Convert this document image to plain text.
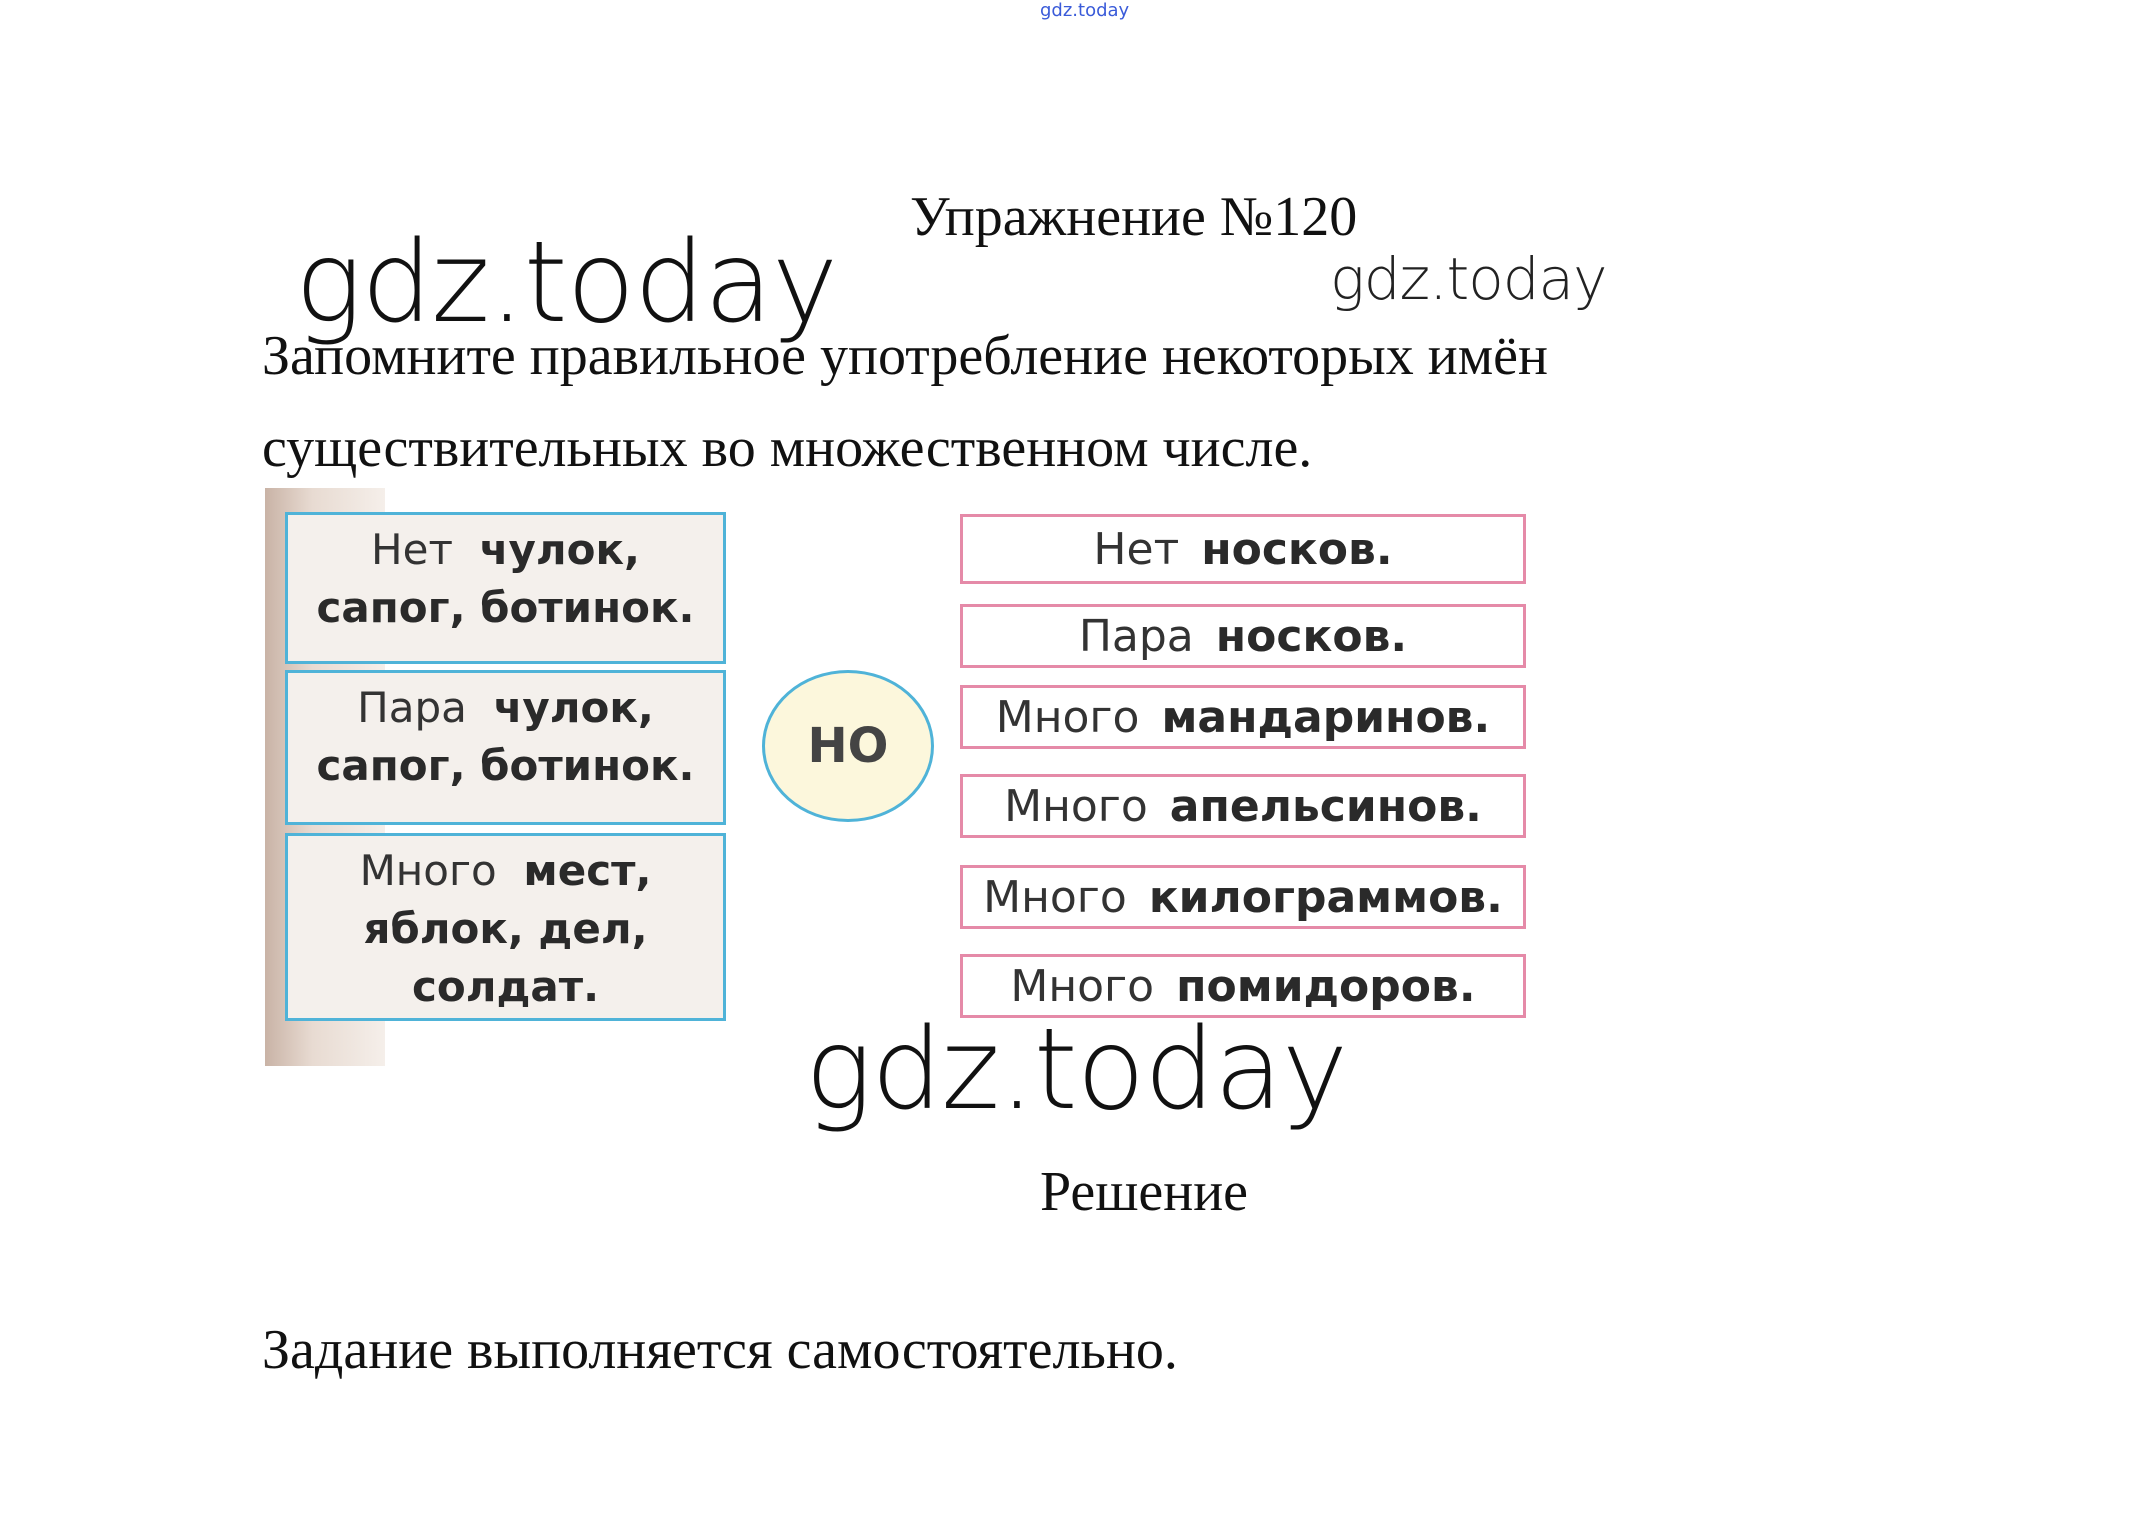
gdz.today
Упражнение №120
gdz.today	gdz.today
Запомните правильное употребление некоторых имён существительных во множественном числе.
Нет чулок,
сапог, ботинок.
Пара чулок,
сапог, ботинок.
Много мест,
яблок, дел,
солдат.
НО
Нет носков.
Пара носков.
Много мандаринов.
Много апельсинов.
Много килограммов.
Много помидоров.
gdz.today
Решение
Задание выполняется самостоятельно.
